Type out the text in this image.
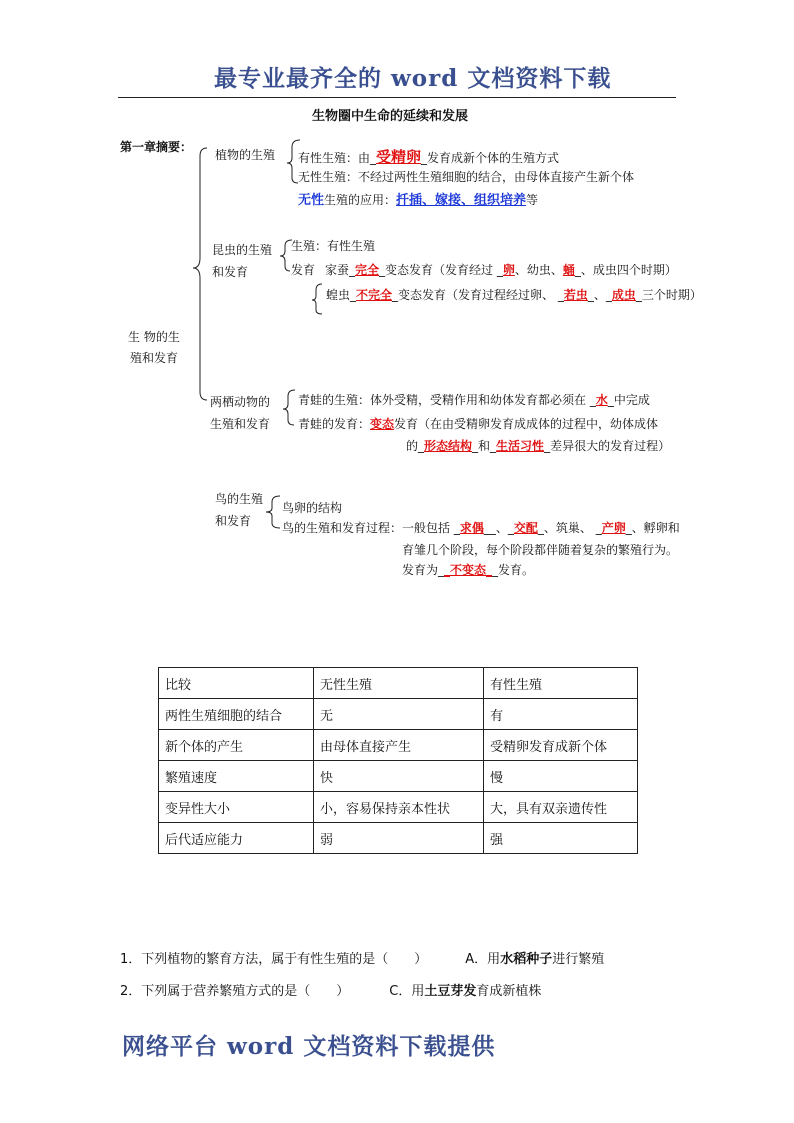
最专业最齐全的 word 文档资料下载
生物圈中生命的延续和发展
第一章摘要：
生 物的生
殖和发育
植物的生殖 有性生殖：由_受精卵_发育成新个体的生殖方式
无性生殖：不经过两性生殖细胞的结合，由母体直接产生新个体
无性生殖的应用：扦插、嫁接、组织培养等
昆虫的生殖
和发育
生殖：有性生殖
发育 家蚕_完全_变态发育（发育经过 _卵、幼虫、蛹_、成虫四个时期）
蝗虫_不完全_变态发育（发育过程经过卵、 _若虫_、_成虫_三个时期）
两栖动物的
生殖和发育
青蛙的生殖：体外受精，受精作用和幼体发育都必须在 _水_中完成
青蛙的发育：变态发育（在由受精卵发育成成体的过程中，幼体成体
的_形态结构_和_生活习性_差异很大的发育过程）
鸟的生殖
和发育
鸟卵的结构
鸟的生殖和发育过程：一般包括 _求偶__、_交配_、筑巢、 _产卵_、孵卵和
育雏几个阶段，每个阶段都伴随着复杂的繁殖行为。
发育为__不变态__发育。
比较	无性生殖	有性生殖
两性生殖细胞的结合	无	有
新个体的产生	由母体直接产生	受精卵发育成新个体
繁殖速度	快	慢
变异性大小	小，容易保持亲本性状	大，具有双亲遗传性
后代适应能力	弱	强
1．下列植物的繁育方法，属于有性生殖的是（　　）	A．用水稻种子进行繁殖
2．下列属于营养繁殖方式的是（　　）	C．用土豆芽发育成新植株
网络平台 word 文档资料下载提供
